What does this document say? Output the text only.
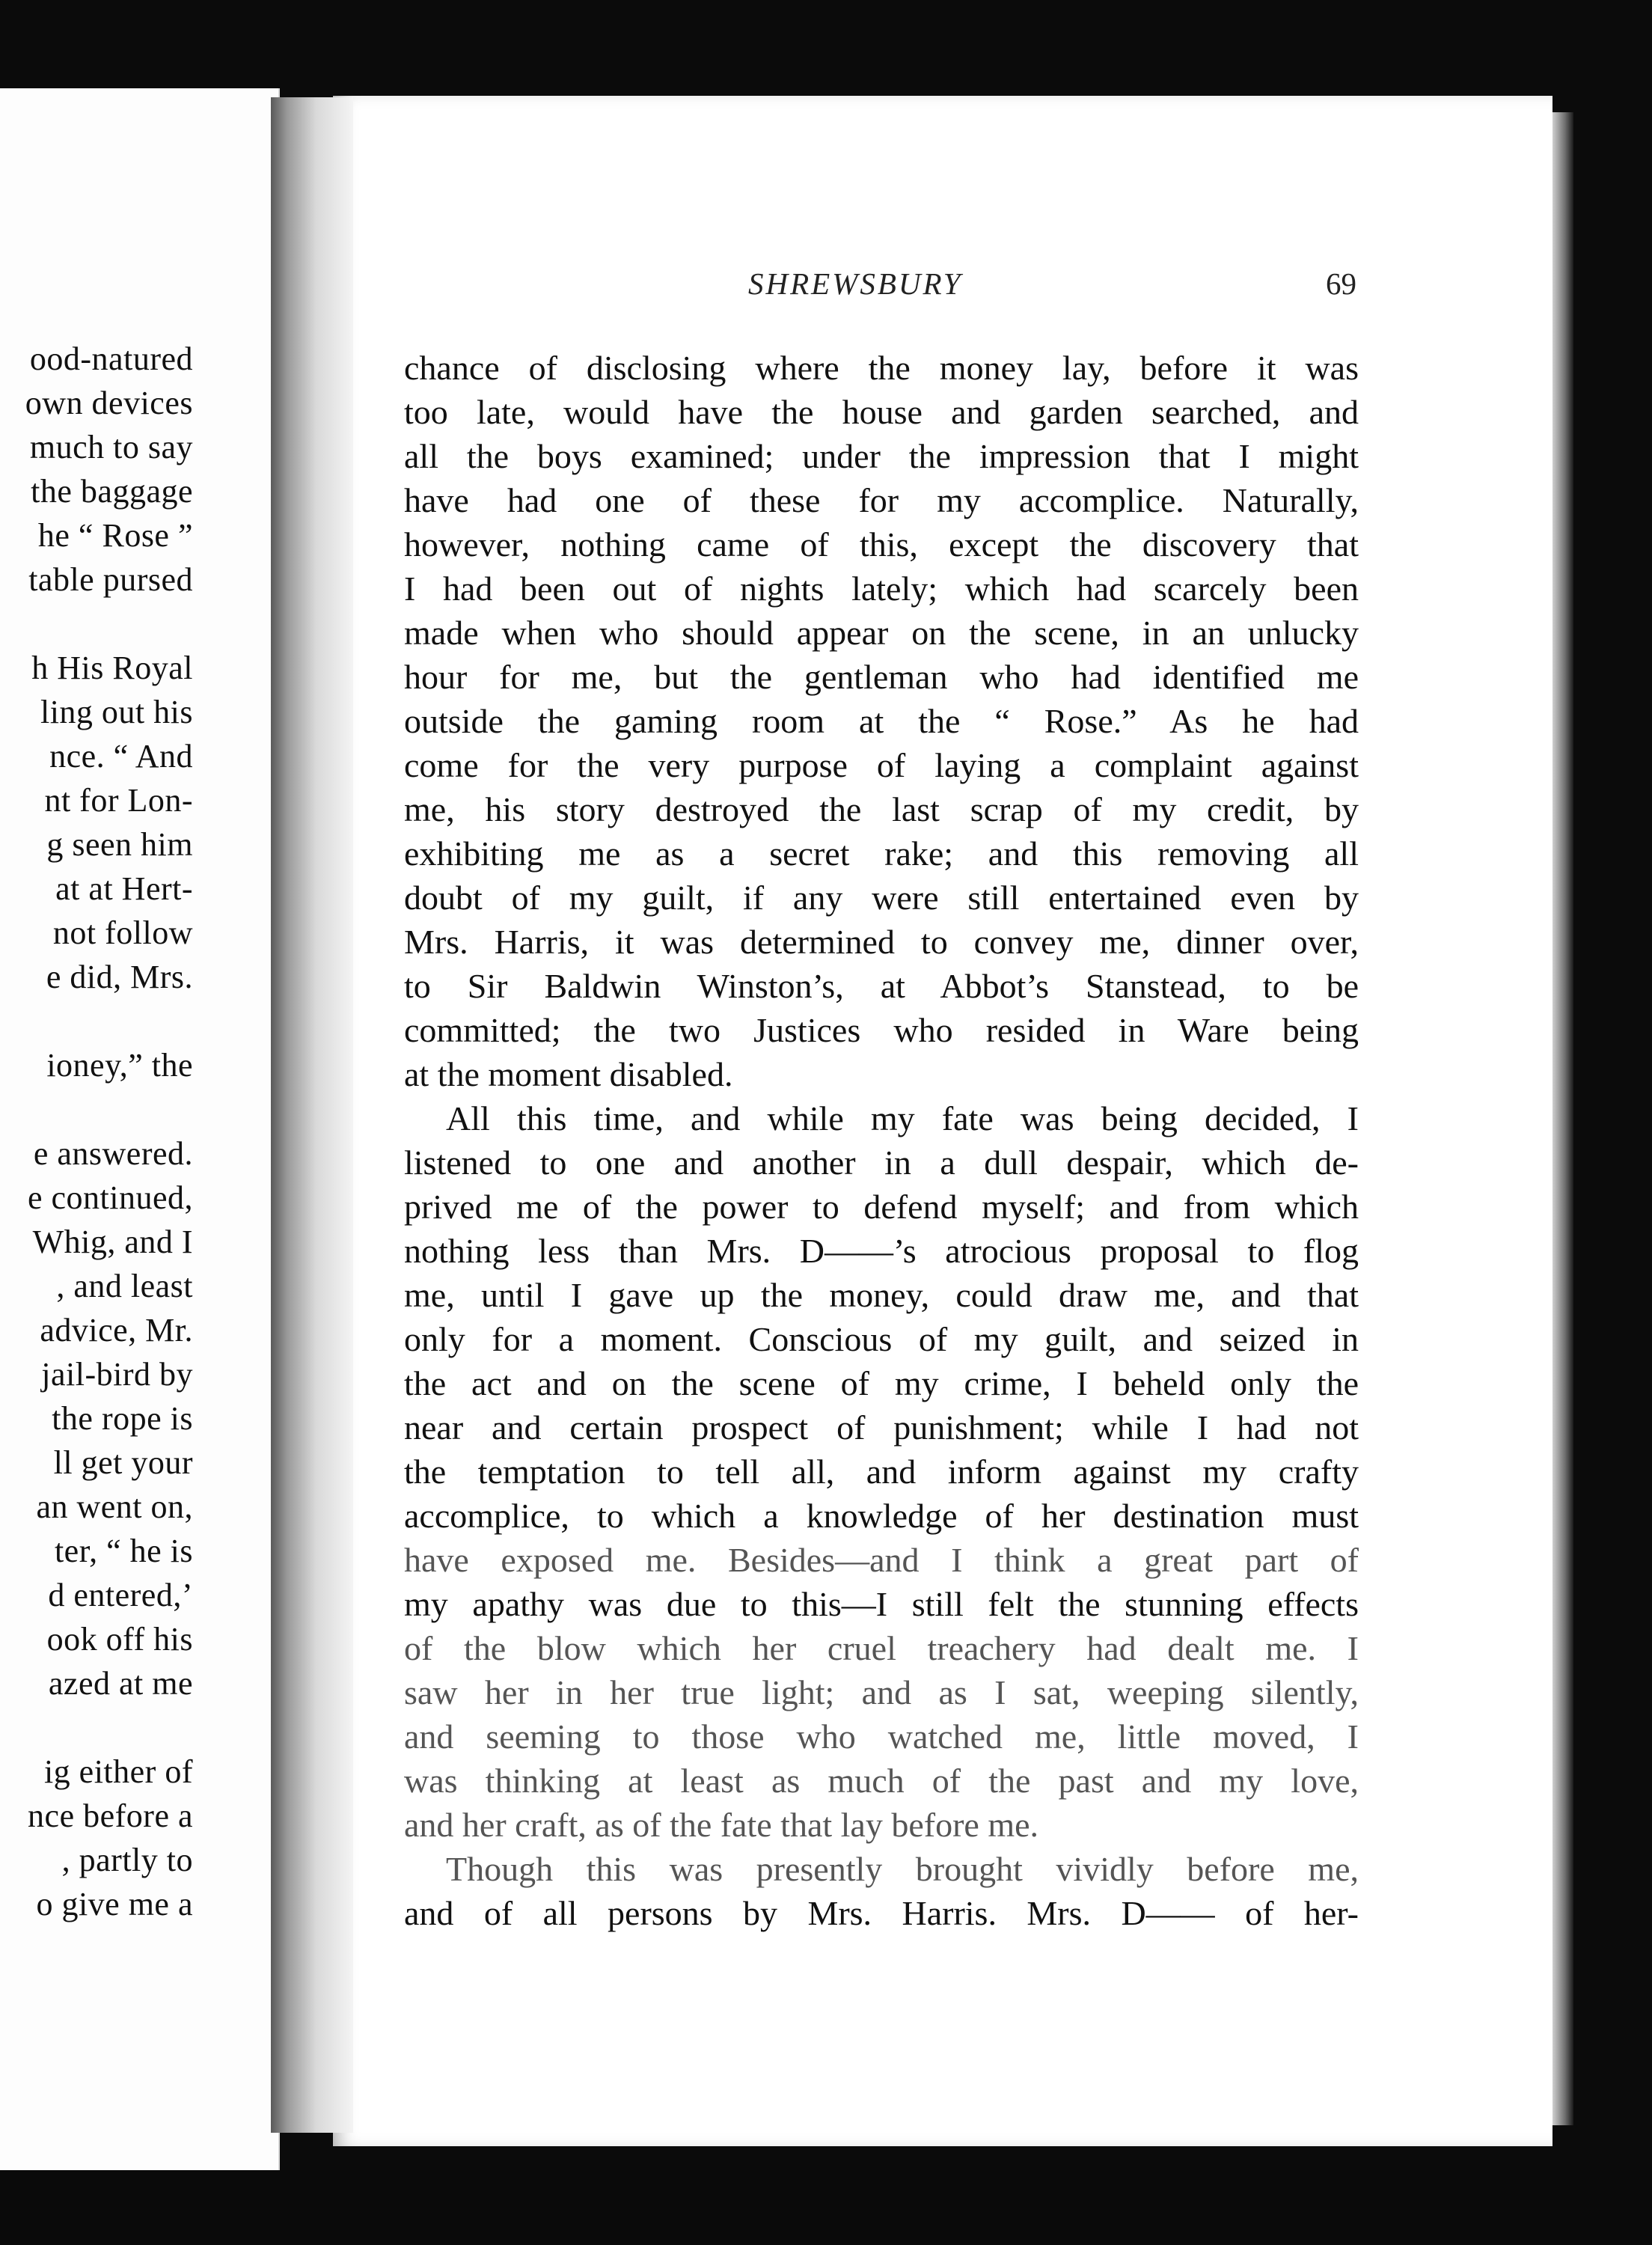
ood-natured
own devices
much to say
the baggage
he “ Rose ”
table pursed
h His Royal
ling out his
nce. “ And
nt for Lon-
g seen him
at at Hert-
not follow
e did, Mrs.
ioney,” the
e answered.
e continued,
Whig, and I
, and least
advice, Mr.
jail-bird by
the rope is
ll get your
an went on,
ter, “ he is
d entered,’
ook off his
azed at me
ig either of
nce before a
, partly to
o give me a
SHREWSBURY	69
chance of disclosing where the money lay, before it was
too late, would have the house and garden searched, and
all the boys examined; under the impression that I might
have had one of these for my accomplice. Naturally,
however, nothing came of this, except the discovery that
I had been out of nights lately; which had scarcely been
made when who should appear on the scene, in an unlucky
hour for me, but the gentleman who had identified me
outside the gaming room at the “ Rose.” As he had
come for the very purpose of laying a complaint against
me, his story destroyed the last scrap of my credit, by
exhibiting me as a secret rake; and this removing all
doubt of my guilt, if any were still entertained even by
Mrs. Harris, it was determined to convey me, dinner over,
to Sir Baldwin Winston’s, at Abbot’s Stanstead, to be
committed; the two Justices who resided in Ware being
at the moment disabled.
All this time, and while my fate was being decided, I
listened to one and another in a dull despair, which de-
prived me of the power to defend myself; and from which
nothing less than Mrs. D——’s atrocious proposal to flog
me, until I gave up the money, could draw me, and that
only for a moment. Conscious of my guilt, and seized in
the act and on the scene of my crime, I beheld only the
near and certain prospect of punishment; while I had not
the temptation to tell all, and inform against my crafty
accomplice, to which a knowledge of her destination must
have exposed me. Besides—and I think a great part of
my apathy was due to this—I still felt the stunning effects
of the blow which her cruel treachery had dealt me. I
saw her in her true light; and as I sat, weeping silently,
and seeming to those who watched me, little moved, I
was thinking at least as much of the past and my love,
and her craft, as of the fate that lay before me.
Though this was presently brought vividly before me,
and of all persons by Mrs. Harris. Mrs. D—— of her-
